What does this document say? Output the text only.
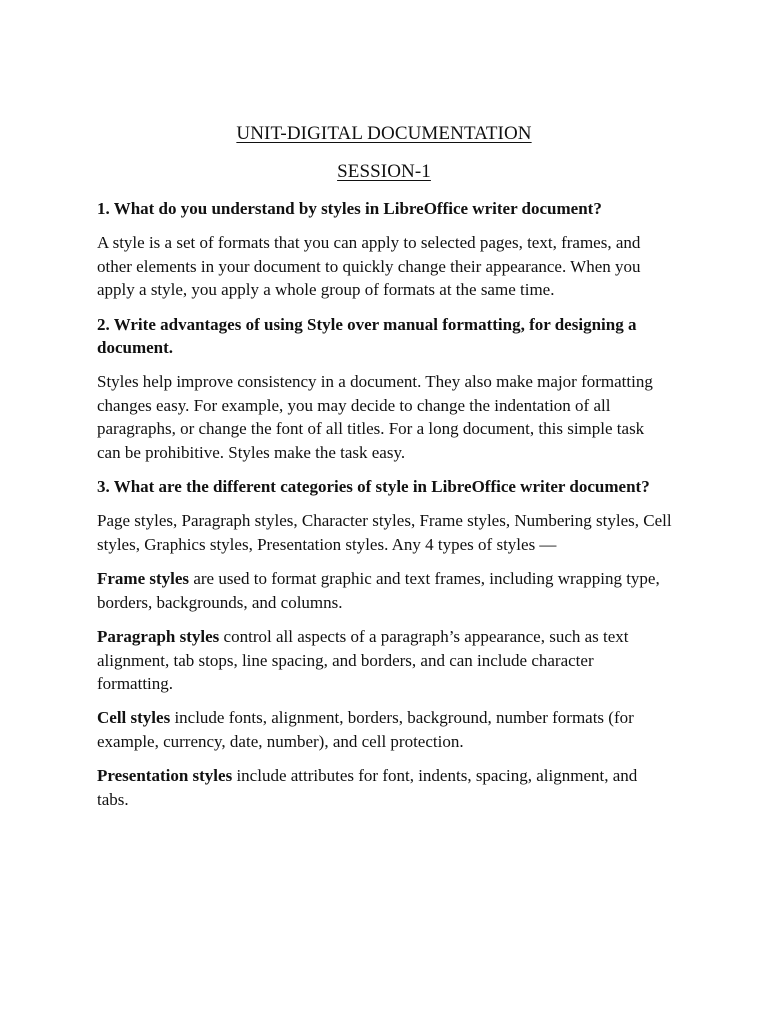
UNIT-DIGITAL DOCUMENTATION
SESSION-1

1. What do you understand by styles in LibreOffice writer document?

A style is a set of formats that you can apply to selected pages, text, frames, and other elements in your document to quickly change their appearance. When you apply a style, you apply a whole group of formats at the same time.

2. Write advantages of using Style over manual formatting, for designing a document.

Styles help improve consistency in a document. They also make major formatting changes easy. For example, you may decide to change the indentation of all paragraphs, or change the font of all titles. For a long document, this simple task can be prohibitive. Styles make the task easy.

3. What are the different categories of style in LibreOffice writer document?

Page styles, Paragraph styles, Character styles, Frame styles, Numbering styles, Cell styles, Graphics styles, Presentation styles. Any 4 types of styles —

Frame styles are used to format graphic and text frames, including wrapping type, borders, backgrounds, and columns.

Paragraph styles control all aspects of a paragraph’s appearance, such as text alignment, tab stops, line spacing, and borders, and can include character formatting.

Cell styles include fonts, alignment, borders, background, number formats (for example, currency, date, number), and cell protection.

Presentation styles include attributes for font, indents, spacing, alignment, and tabs.
